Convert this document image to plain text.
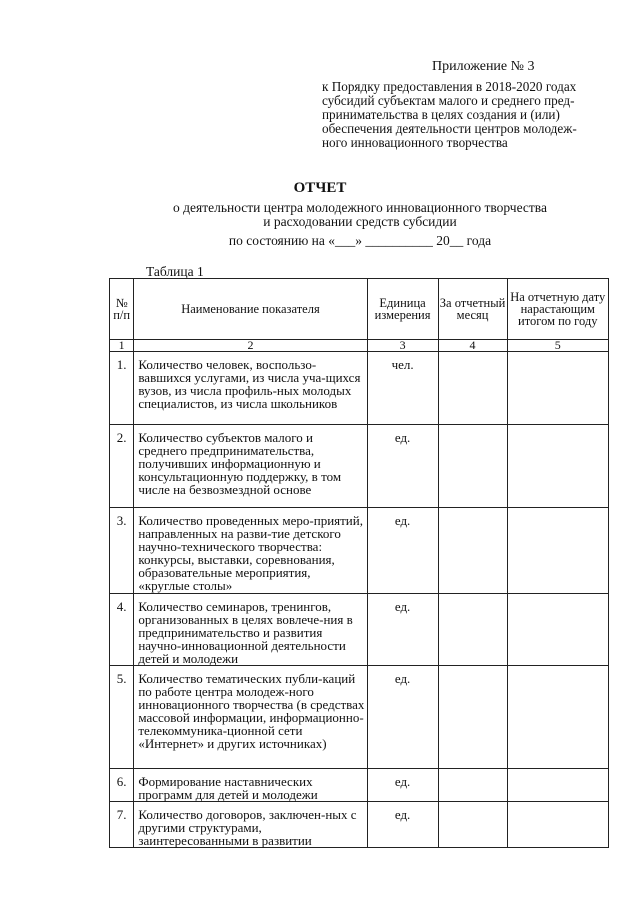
Приложение № 3
к Порядку предоставления в 2018-2020 годах
субсидий субъектам малого и среднего пред-
принимательства в целях создания и (или)
обеспечения деятельности центров молодеж-
ного инновационного творчества
ОТЧЕТ
о деятельности центра молодежного инновационного творчества
и расходовании средств субсидии
по состоянию на «___» __________ 20__ года
Таблица 1
№ п/п	Наименование показателя	Единица измерения	За отчетный месяц	На отчетную дату нарастающим итогом по году
1	2	3	4	5
1.	Количество человек, воспользо-вавшихся услугами, из числа уча-щихся вузов, из числа профиль-ных молодых специалистов, из числа школьников	чел.		
2.	Количество субъектов малого и среднего предпринимательства, получивших информационную и консультационную поддержку, в том числе на безвозмездной основе	ед.		
3.	Количество проведенных меро-приятий, направленных на разви-тие детского научно-технического творчества: конкурсы, выставки, соревнования, образовательные мероприятия, «круглые столы»	ед.		
4.	Количество семинаров, тренингов, организованных в целях вовлече-ния в предпринимательство и развития научно-инновационной деятельности детей и молодежи	ед.		
5.	Количество тематических публи-каций по работе центра молодеж-ного инновационного творчества (в средствах массовой информации, информационно-телекоммуника-ционной сети «Интернет» и других источниках)	ед.		
6.	Формирование наставнических программ для детей и молодежи	ед.		
7.	Количество договоров, заключен-ных с другими структурами, заинтересованными в развитии	ед.		
